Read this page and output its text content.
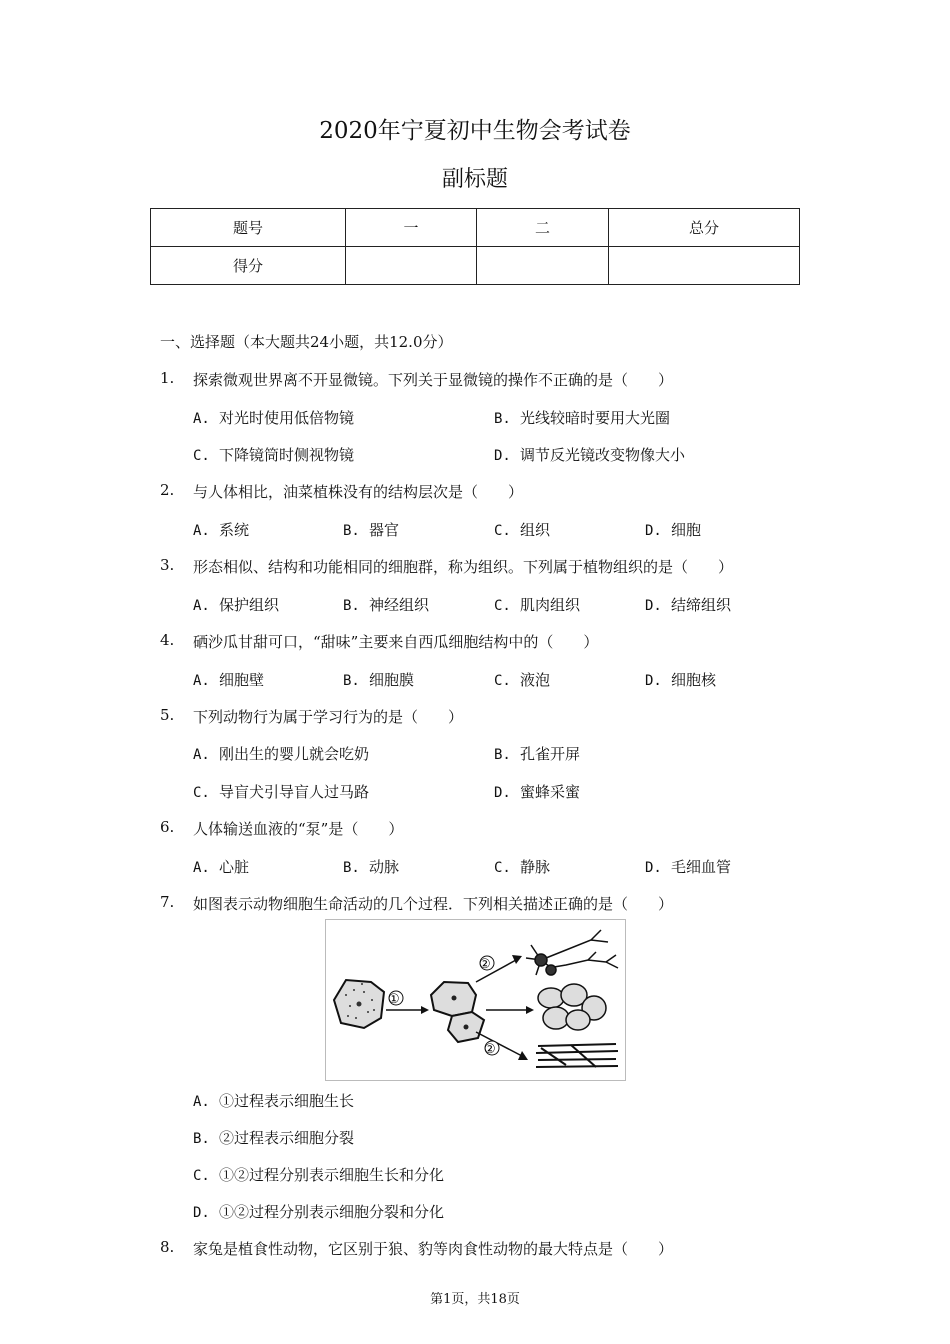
2020年宁夏初中生物会考试卷
副标题
题号	一	二	总分
得分			
一、选择题（本大题共24小题，共12.0分）
1. 探索微观世界离不开显微镜。下列关于显微镜的操作不正确的是（　　）
A. 对光时使用低倍物镜	B. 光线较暗时要用大光圈
C. 下降镜筒时侧视物镜	D. 调节反光镜改变物像大小
2. 与人体相比，油菜植株没有的结构层次是（　　）
A. 系统	B. 器官	C. 组织	D. 细胞
3. 形态相似、结构和功能相同的细胞群，称为组织。下列属于植物组织的是（　　）
A. 保护组织	B. 神经组织	C. 肌肉组织	D. 结缔组织
4. 硒沙瓜甘甜可口，“甜味”主要来自西瓜细胞结构中的（　　）
A. 细胞壁	B. 细胞膜	C. 液泡	D. 细胞核
5. 下列动物行为属于学习行为的是（　　）
A. 刚出生的婴儿就会吃奶	B. 孔雀开屏
C. 导盲犬引导盲人过马路	D. 蜜蜂采蜜
6. 人体输送血液的“泵”是（　　）
A. 心脏	B. 动脉	C. 静脉	D. 毛细血管
7. 如图表示动物细胞生命活动的几个过程．下列相关描述正确的是（　　）
①
②
②
A. ①过程表示细胞生长
B. ②过程表示细胞分裂
C. ①②过程分别表示细胞生长和分化
D. ①②过程分别表示细胞分裂和分化
8. 家兔是植食性动物，它区别于狼、豹等肉食性动物的最大特点是（　　）
第1页，共18页
